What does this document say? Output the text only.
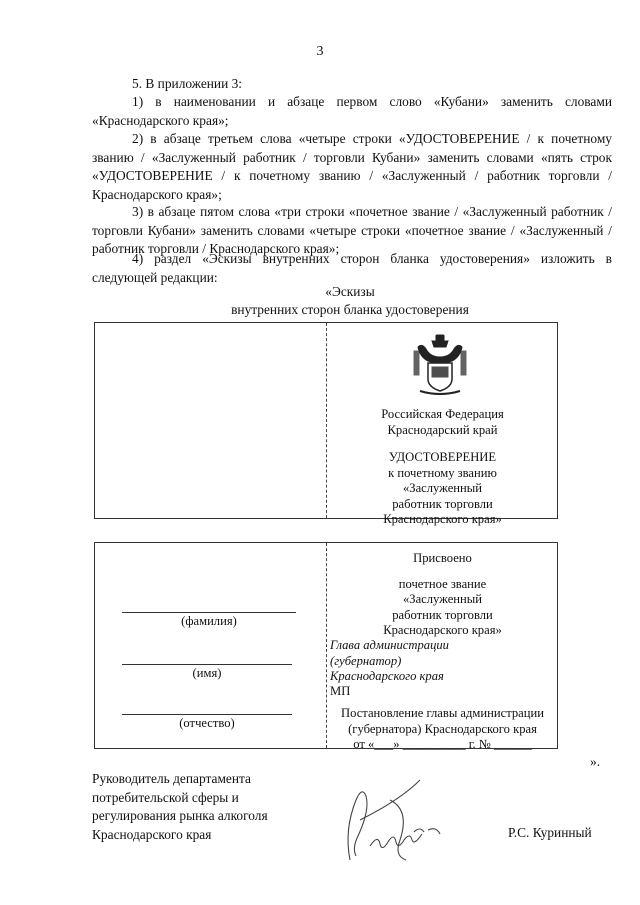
3
5. В приложении 3:
1) в наименовании и абзаце первом слово «Кубани» заменить словами «Краснодарского края»;
2) в абзаце третьем слова «четыре строки «УДОСТОВЕРЕНИЕ / к почетному званию / «Заслуженный работник / торговли Кубани» заменить словами «пять строк «УДОСТОВЕРЕНИЕ / к почетному званию / «Заслуженный / работник торговли / Краснодарского края»;
3) в абзаце пятом слова «три строки «почетное звание / «Заслуженный работник / торговли Кубани» заменить словами «четыре строки «почетное звание / «Заслуженный / работник торговли / Краснодарского края»;
4) раздел «Эскизы внутренних сторон бланка удостоверения» изложить в следующей редакции:
«Эскизы
внутренних сторон бланка удостоверения
Российская Федерация
Краснодарский край
УДОСТОВЕРЕНИЕ
к почетному званию
«Заслуженный
работник торговли
Краснодарского края»
(фамилия)
(имя)
(отчество)
Присвоено
почетное звание
«Заслуженный
работник торговли
Краснодарского края»
Глава администрации
(губернатор)
Краснодарского края
МП
Постановление главы администрации
(губернатора) Краснодарского края
от «___» __________ г. № ______
».
Руководитель департамента
потребительской сферы и
регулирования рынка алкоголя
Краснодарского края	Р.С. Куринный
